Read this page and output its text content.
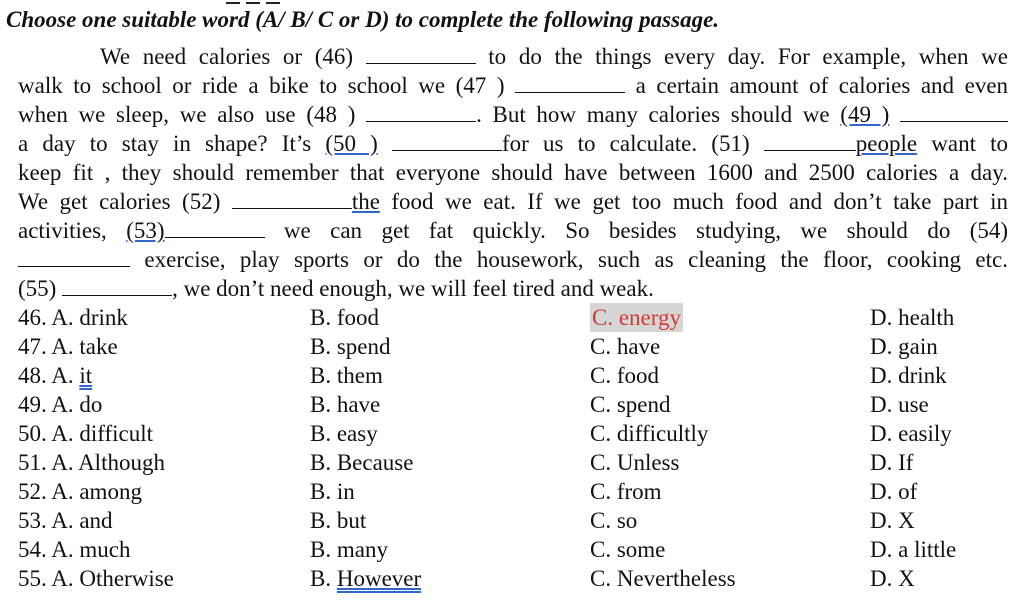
Choose one suitable word (A/ B/ C or D) to complete the following passage.
We need calories or (46)	to do the things every day. For example, when we
walk to school or ride a bike to school we (47 )	a certain amount of calories and even
when we sleep, we also use (48 )	. But how many calories should we (49 )
a day to stay in shape? It’s (50 )	for us to calculate. (51)	people want to
keep fit , they should remember that everyone should have between 1600 and 2500 calories a day.
We get calories (52)	the food we eat. If we get too much food and don’t take part in
activities, (53)	we can get fat quickly. So besides studying, we should do (54)
exercise, play sports or do the housework, such as cleaning the floor, cooking etc.
(55)	, we don’t need enough, we will feel tired and weak.
46. A. drink	B. food	C. energy	D. health
47. A. take	B. spend	C. have	D. gain
48. A. it	B. them	C. food	D. drink
49. A. do	B. have	C. spend	D. use
50. A. difficult	B. easy	C. difficultly	D. easily
51. A. Although	B. Because	C. Unless	D. If
52. A. among	B. in	C. from	D. of
53. A. and	B. but	C. so	D. X
54. A. much	B. many	C. some	D. a little
55. A. Otherwise	B. However	C. Nevertheless	D. X
